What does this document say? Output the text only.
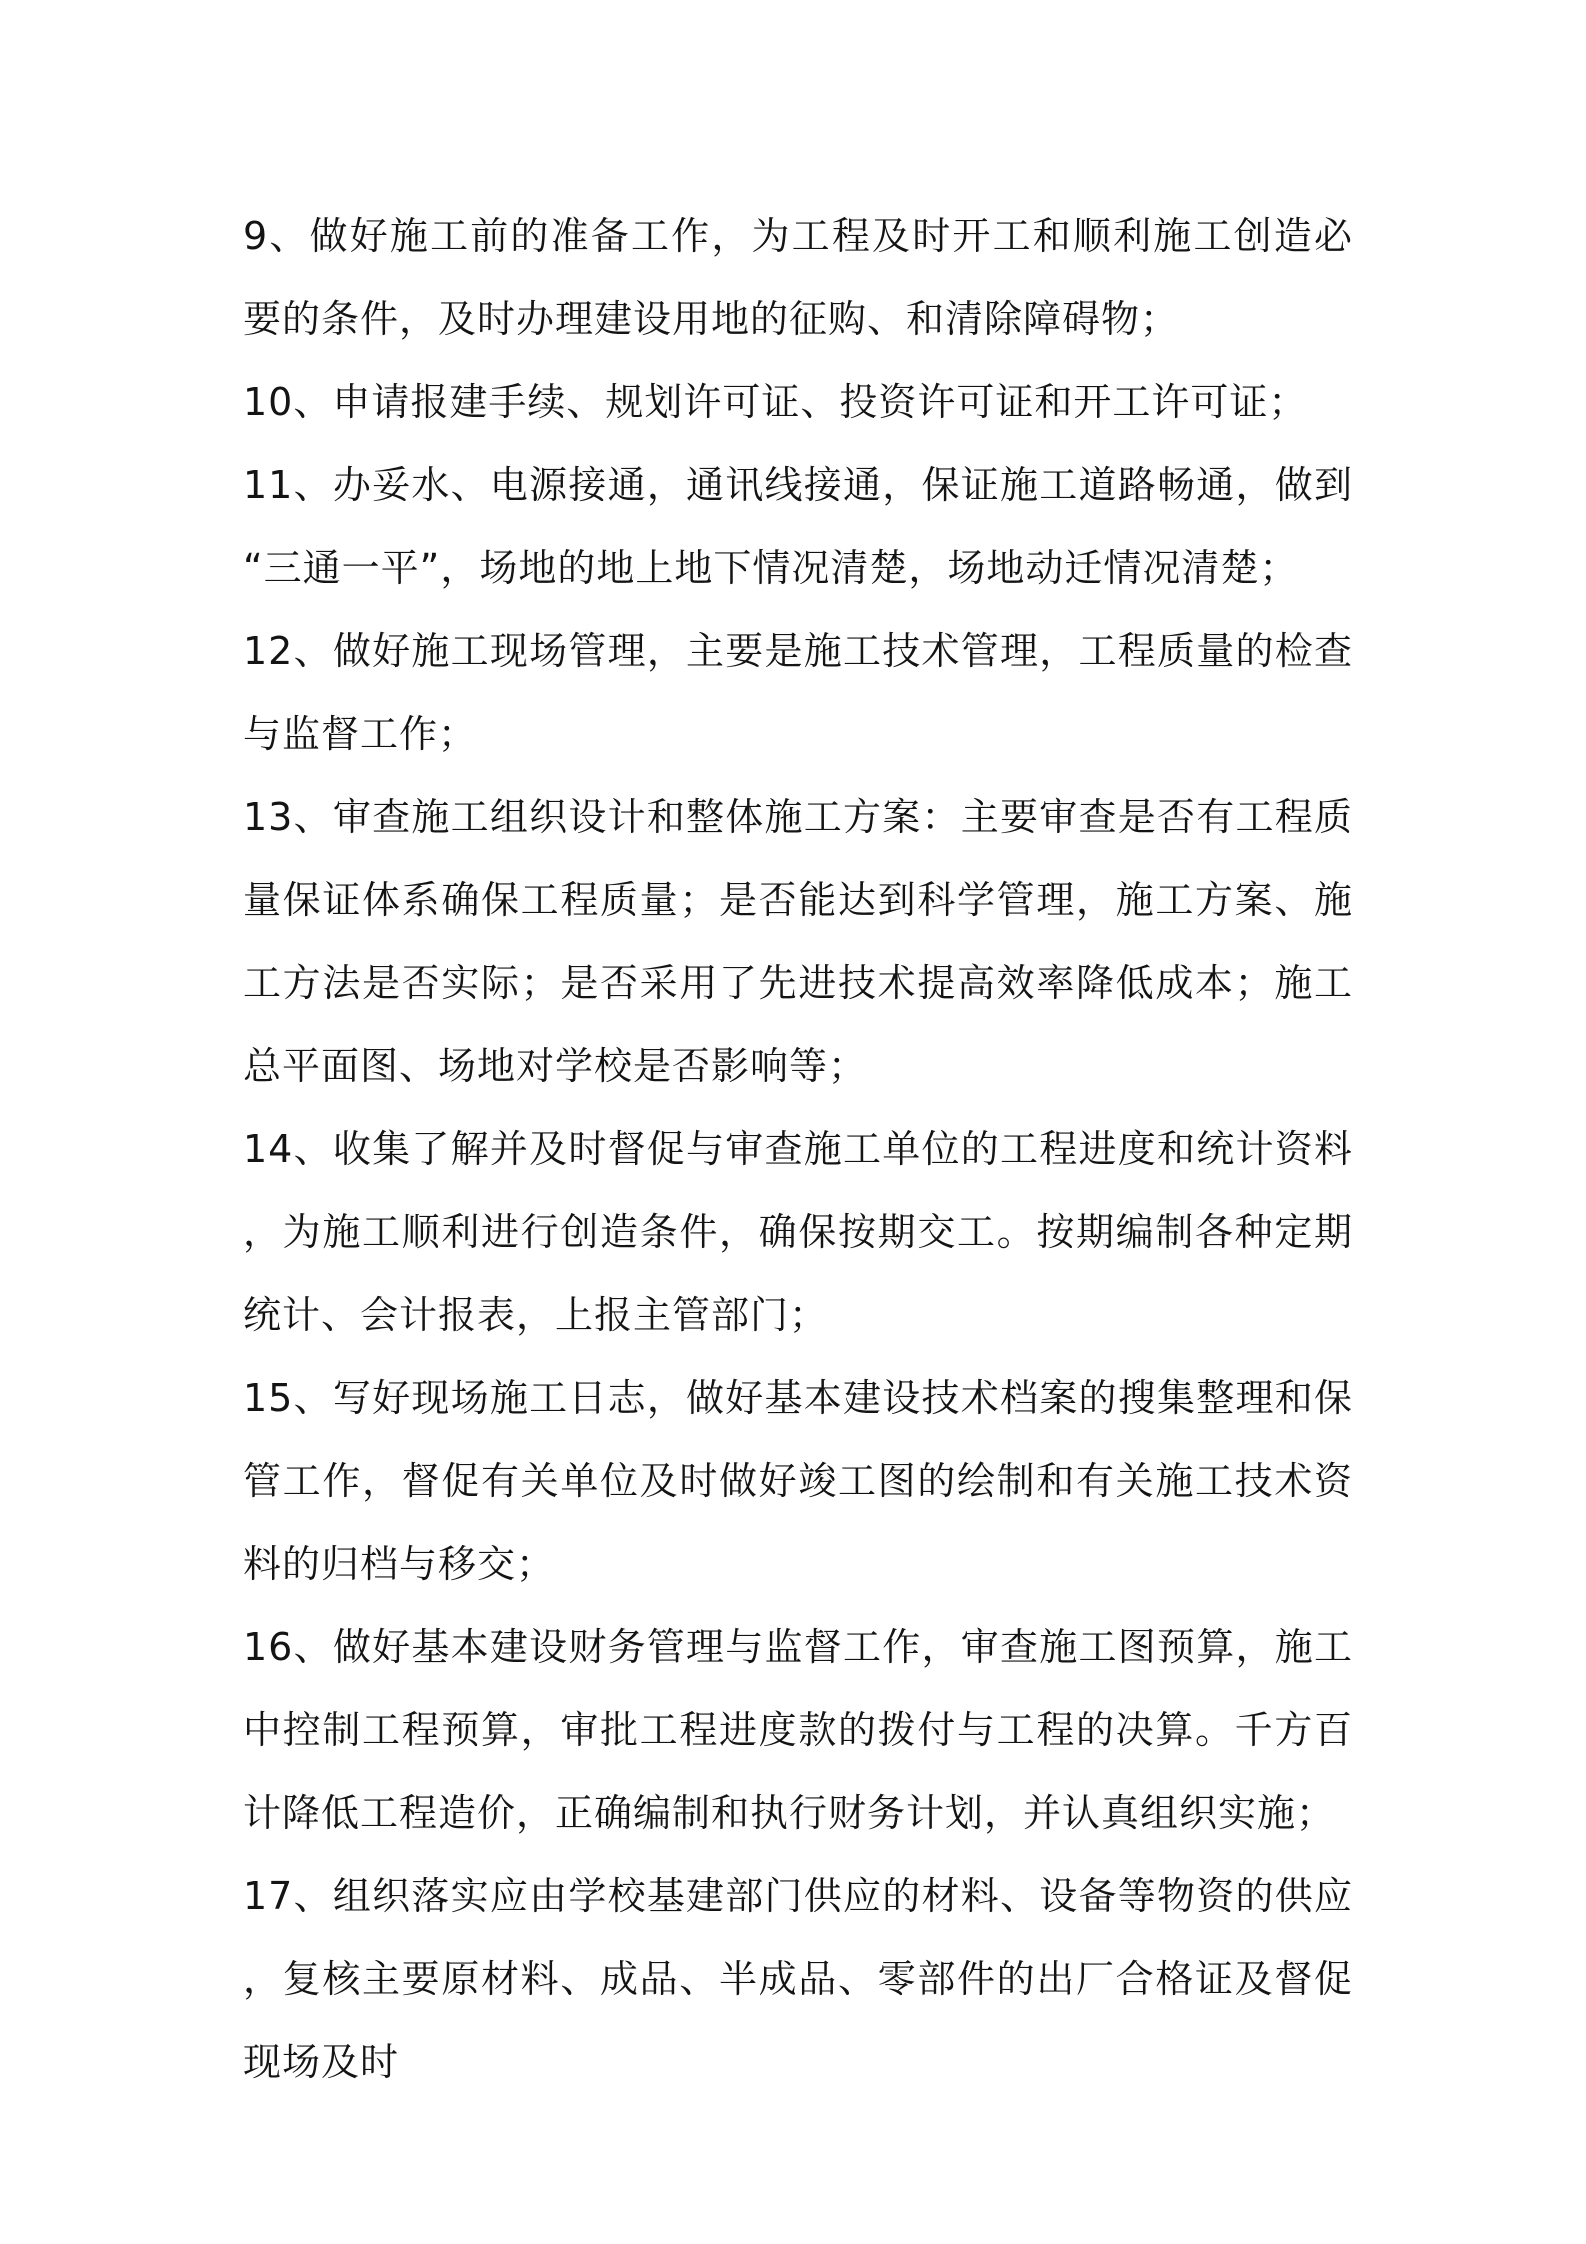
9、做好施工前的准备工作，为工程及时开工和顺利施工创造必要的条件，及时办理建设用地的征购、和清除障碍物；

10、申请报建手续、规划许可证、投资许可证和开工许可证；

11、办妥水、电源接通，通讯线接通，保证施工道路畅通，做到“三通一平”，场地的地上地下情况清楚，场地动迁情况清楚；

12、做好施工现场管理，主要是施工技术管理，工程质量的检查与监督工作；

13、审查施工组织设计和整体施工方案：主要审查是否有工程质量保证体系确保工程质量；是否能达到科学管理，施工方案、施工方法是否实际；是否采用了先进技术提高效率降低成本；施工总平面图、场地对学校是否影响等；

14、收集了解并及时督促与审查施工单位的工程进度和统计资料，为施工顺利进行创造条件，确保按期交工。按期编制各种定期统计、会计报表，上报主管部门；

15、写好现场施工日志，做好基本建设技术档案的搜集整理和保管工作，督促有关单位及时做好竣工图的绘制和有关施工技术资料的归档与移交；

16、做好基本建设财务管理与监督工作，审查施工图预算，施工中控制工程预算，审批工程进度款的拨付与工程的决算。千方百计降低工程造价，正确编制和执行财务计划，并认真组织实施；

17、组织落实应由学校基建部门供应的材料、设备等物资的供应，复核主要原材料、成品、半成品、零部件的出厂合格证及督促现场及时
